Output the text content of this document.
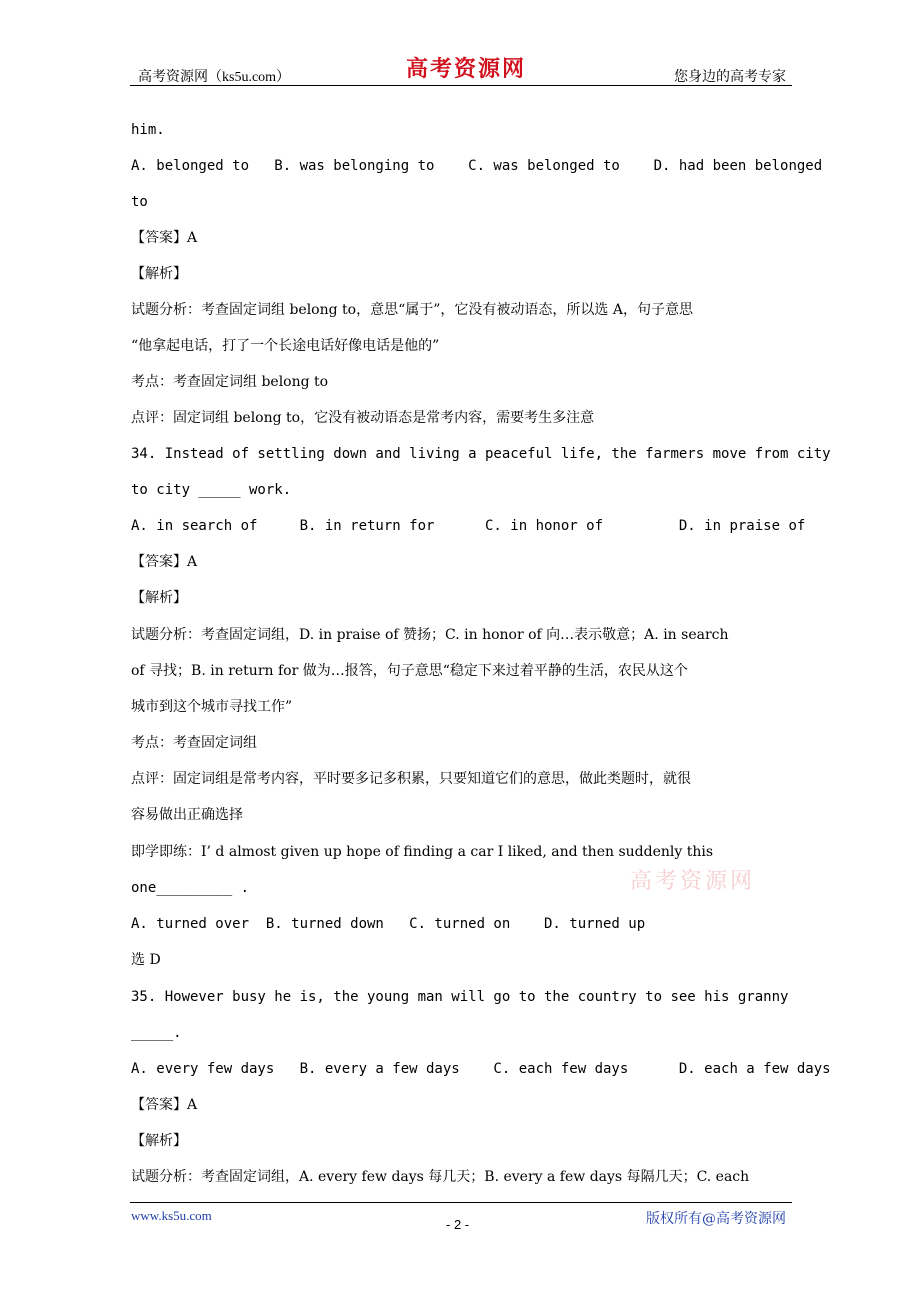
高考资源网（ks5u.com）	高考资源网	您身边的高考专家
him.
A. belonged to   B. was belonging to    C. was belonged to    D. had been belonged
to
【答案】A
【解析】
试题分析：考查固定词组 belong to，意思“属于”，它没有被动语态，所以选 A，句子意思
“他拿起电话，打了一个长途电话好像电话是他的”
考点：考查固定词组 belong to
点评：固定词组 belong to，它没有被动语态是常考内容，需要考生多注意
34. Instead of settling down and living a peaceful life, the farmers move from city
to city _____ work.
A. in search of     B. in return for      C. in honor of         D. in praise of
【答案】A
【解析】
试题分析：考查固定词组，D. in praise of 赞扬；C. in honor of 向…表示敬意；A. in search
of 寻找；B. in return for 做为…报答，句子意思“稳定下来过着平静的生活，农民从这个
城市到这个城市寻找工作”
考点：考查固定词组
点评：固定词组是常考内容，平时要多记多积累，只要知道它们的意思，做此类题时，就很
容易做出正确选择
即学即练：I’ d almost given up hope of finding a car I liked, and then suddenly this
one_________ .
A. turned over  B. turned down   C. turned on    D. turned up
选 D
35. However busy he is, the young man will go to the country to see his granny
_____.
A. every few days   B. every a few days    C. each few days      D. each a few days
【答案】A
【解析】
试题分析：考查固定词组，A. every few days 每几天；B. every a few days 每隔几天；C. each
高考资源网
www.ks5u.com
- 2 -	版权所有@高考资源网
